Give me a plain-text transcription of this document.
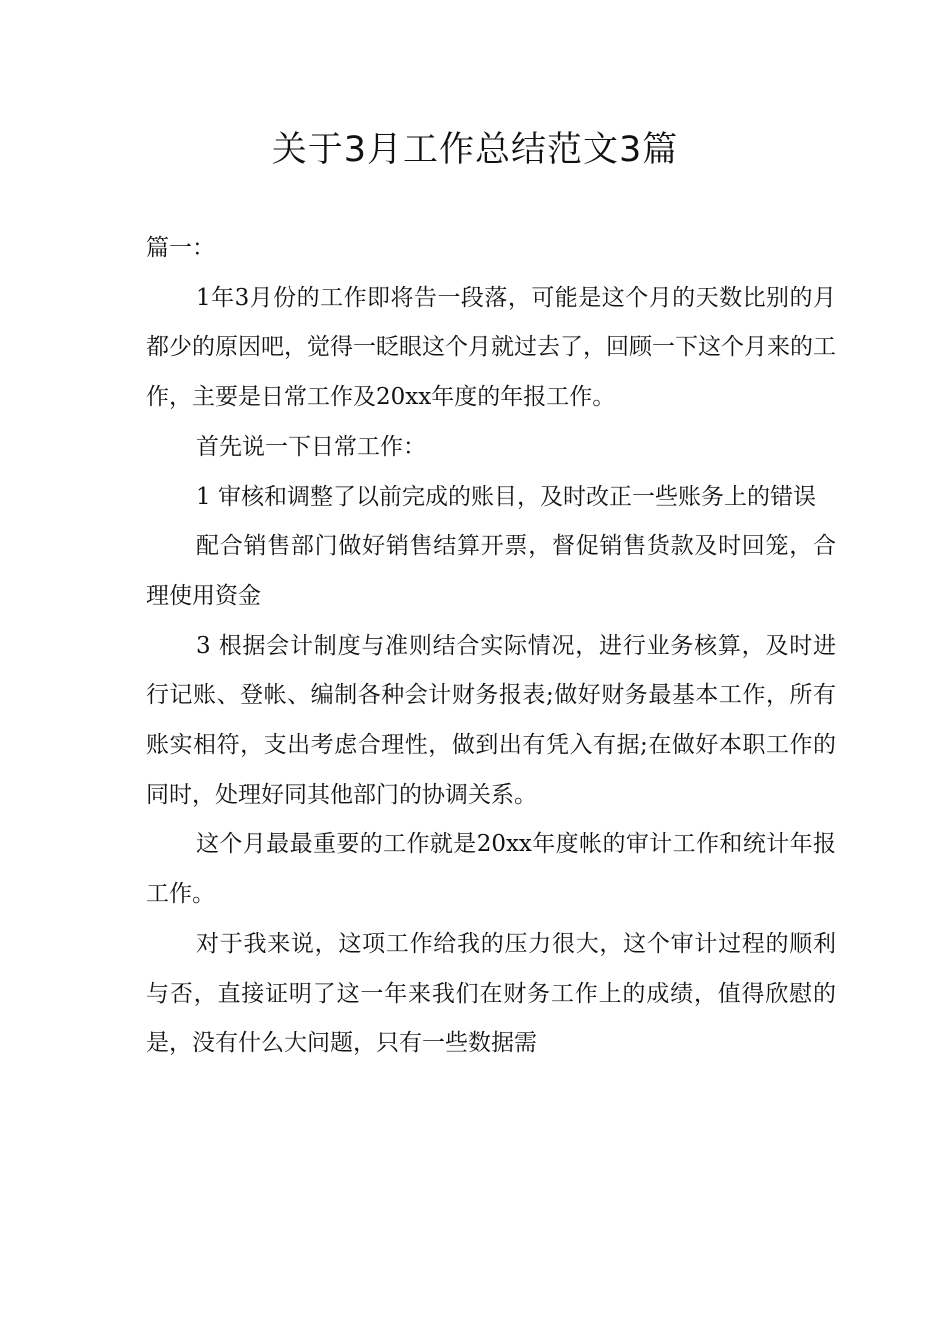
关于3月工作总结范文3篇

篇一：

1年3月份的工作即将告一段落，可能是这个月的天数比别的月都少的原因吧，觉得一眨眼这个月就过去了，回顾一下这个月来的工作，主要是日常工作及20xx年度的年报工作。

首先说一下日常工作：

1 审核和调整了以前完成的账目，及时改正一些账务上的错误

配合销售部门做好销售结算开票，督促销售货款及时回笼，合理使用资金

3 根据会计制度与准则结合实际情况，进行业务核算，及时进行记账、登帐、编制各种会计财务报表;做好财务最基本工作，所有账实相符，支出考虑合理性，做到出有凭入有据;在做好本职工作的同时，处理好同其他部门的协调关系。

这个月最最重要的工作就是20xx年度帐的审计工作和统计年报工作。

对于我来说，这项工作给我的压力很大，这个审计过程的顺利与否，直接证明了这一年来我们在财务工作上的成绩，值得欣慰的是，没有什么大问题，只有一些数据需
